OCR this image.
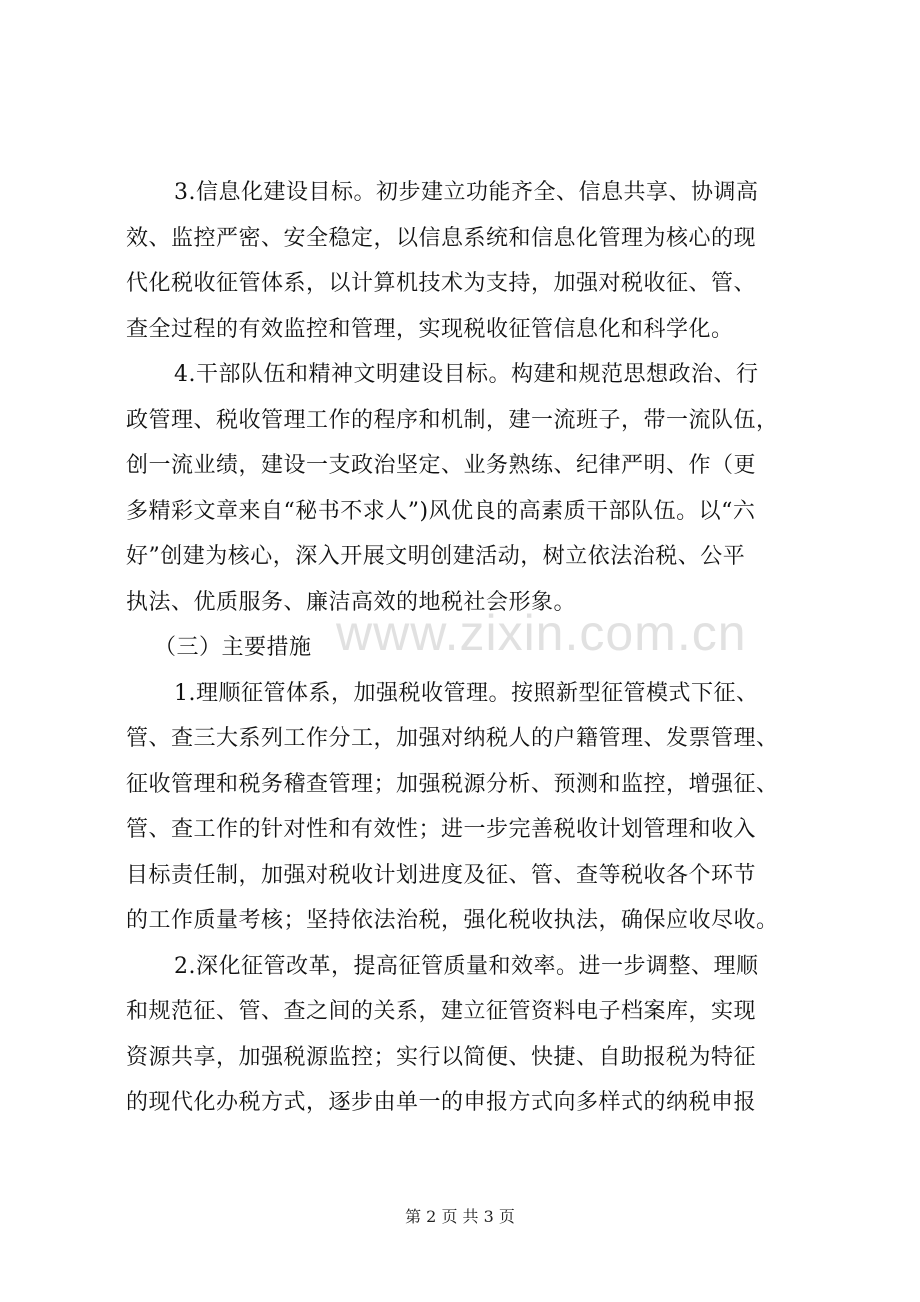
3.信息化建设目标。初步建立功能齐全、信息共享、协调高
效、监控严密、安全稳定，以信息系统和信息化管理为核心的现
代化税收征管体系，以计算机技术为支持，加强对税收征、管、
查全过程的有效监控和管理，实现税收征管信息化和科学化。
4.干部队伍和精神文明建设目标。构建和规范思想政治、行
政管理、税收管理工作的程序和机制，建一流班子，带一流队伍，
创一流业绩，建设一支政治坚定、业务熟练、纪律严明、作（更
多精彩文章来自“秘书不求人”)风优良的高素质干部队伍。以“六
好”创建为核心，深入开展文明创建活动，树立依法治税、公平
执法、优质服务、廉洁高效的地税社会形象。
（三）主要措施
1.理顺征管体系，加强税收管理。按照新型征管模式下征、
管、查三大系列工作分工，加强对纳税人的户籍管理、发票管理、
征收管理和税务稽查管理；加强税源分析、预测和监控，增强征、
管、查工作的针对性和有效性；进一步完善税收计划管理和收入
目标责任制，加强对税收计划进度及征、管、查等税收各个环节
的工作质量考核；坚持依法治税，强化税收执法，确保应收尽收。
2.深化征管改革，提高征管质量和效率。进一步调整、理顺
和规范征、管、查之间的关系，建立征管资料电子档案库，实现
资源共享，加强税源监控；实行以简便、快捷、自助报税为特征
的现代化办税方式，逐步由单一的申报方式向多样式的纳税申报
www.zixin.com.cn
第 2 页 共 3 页
